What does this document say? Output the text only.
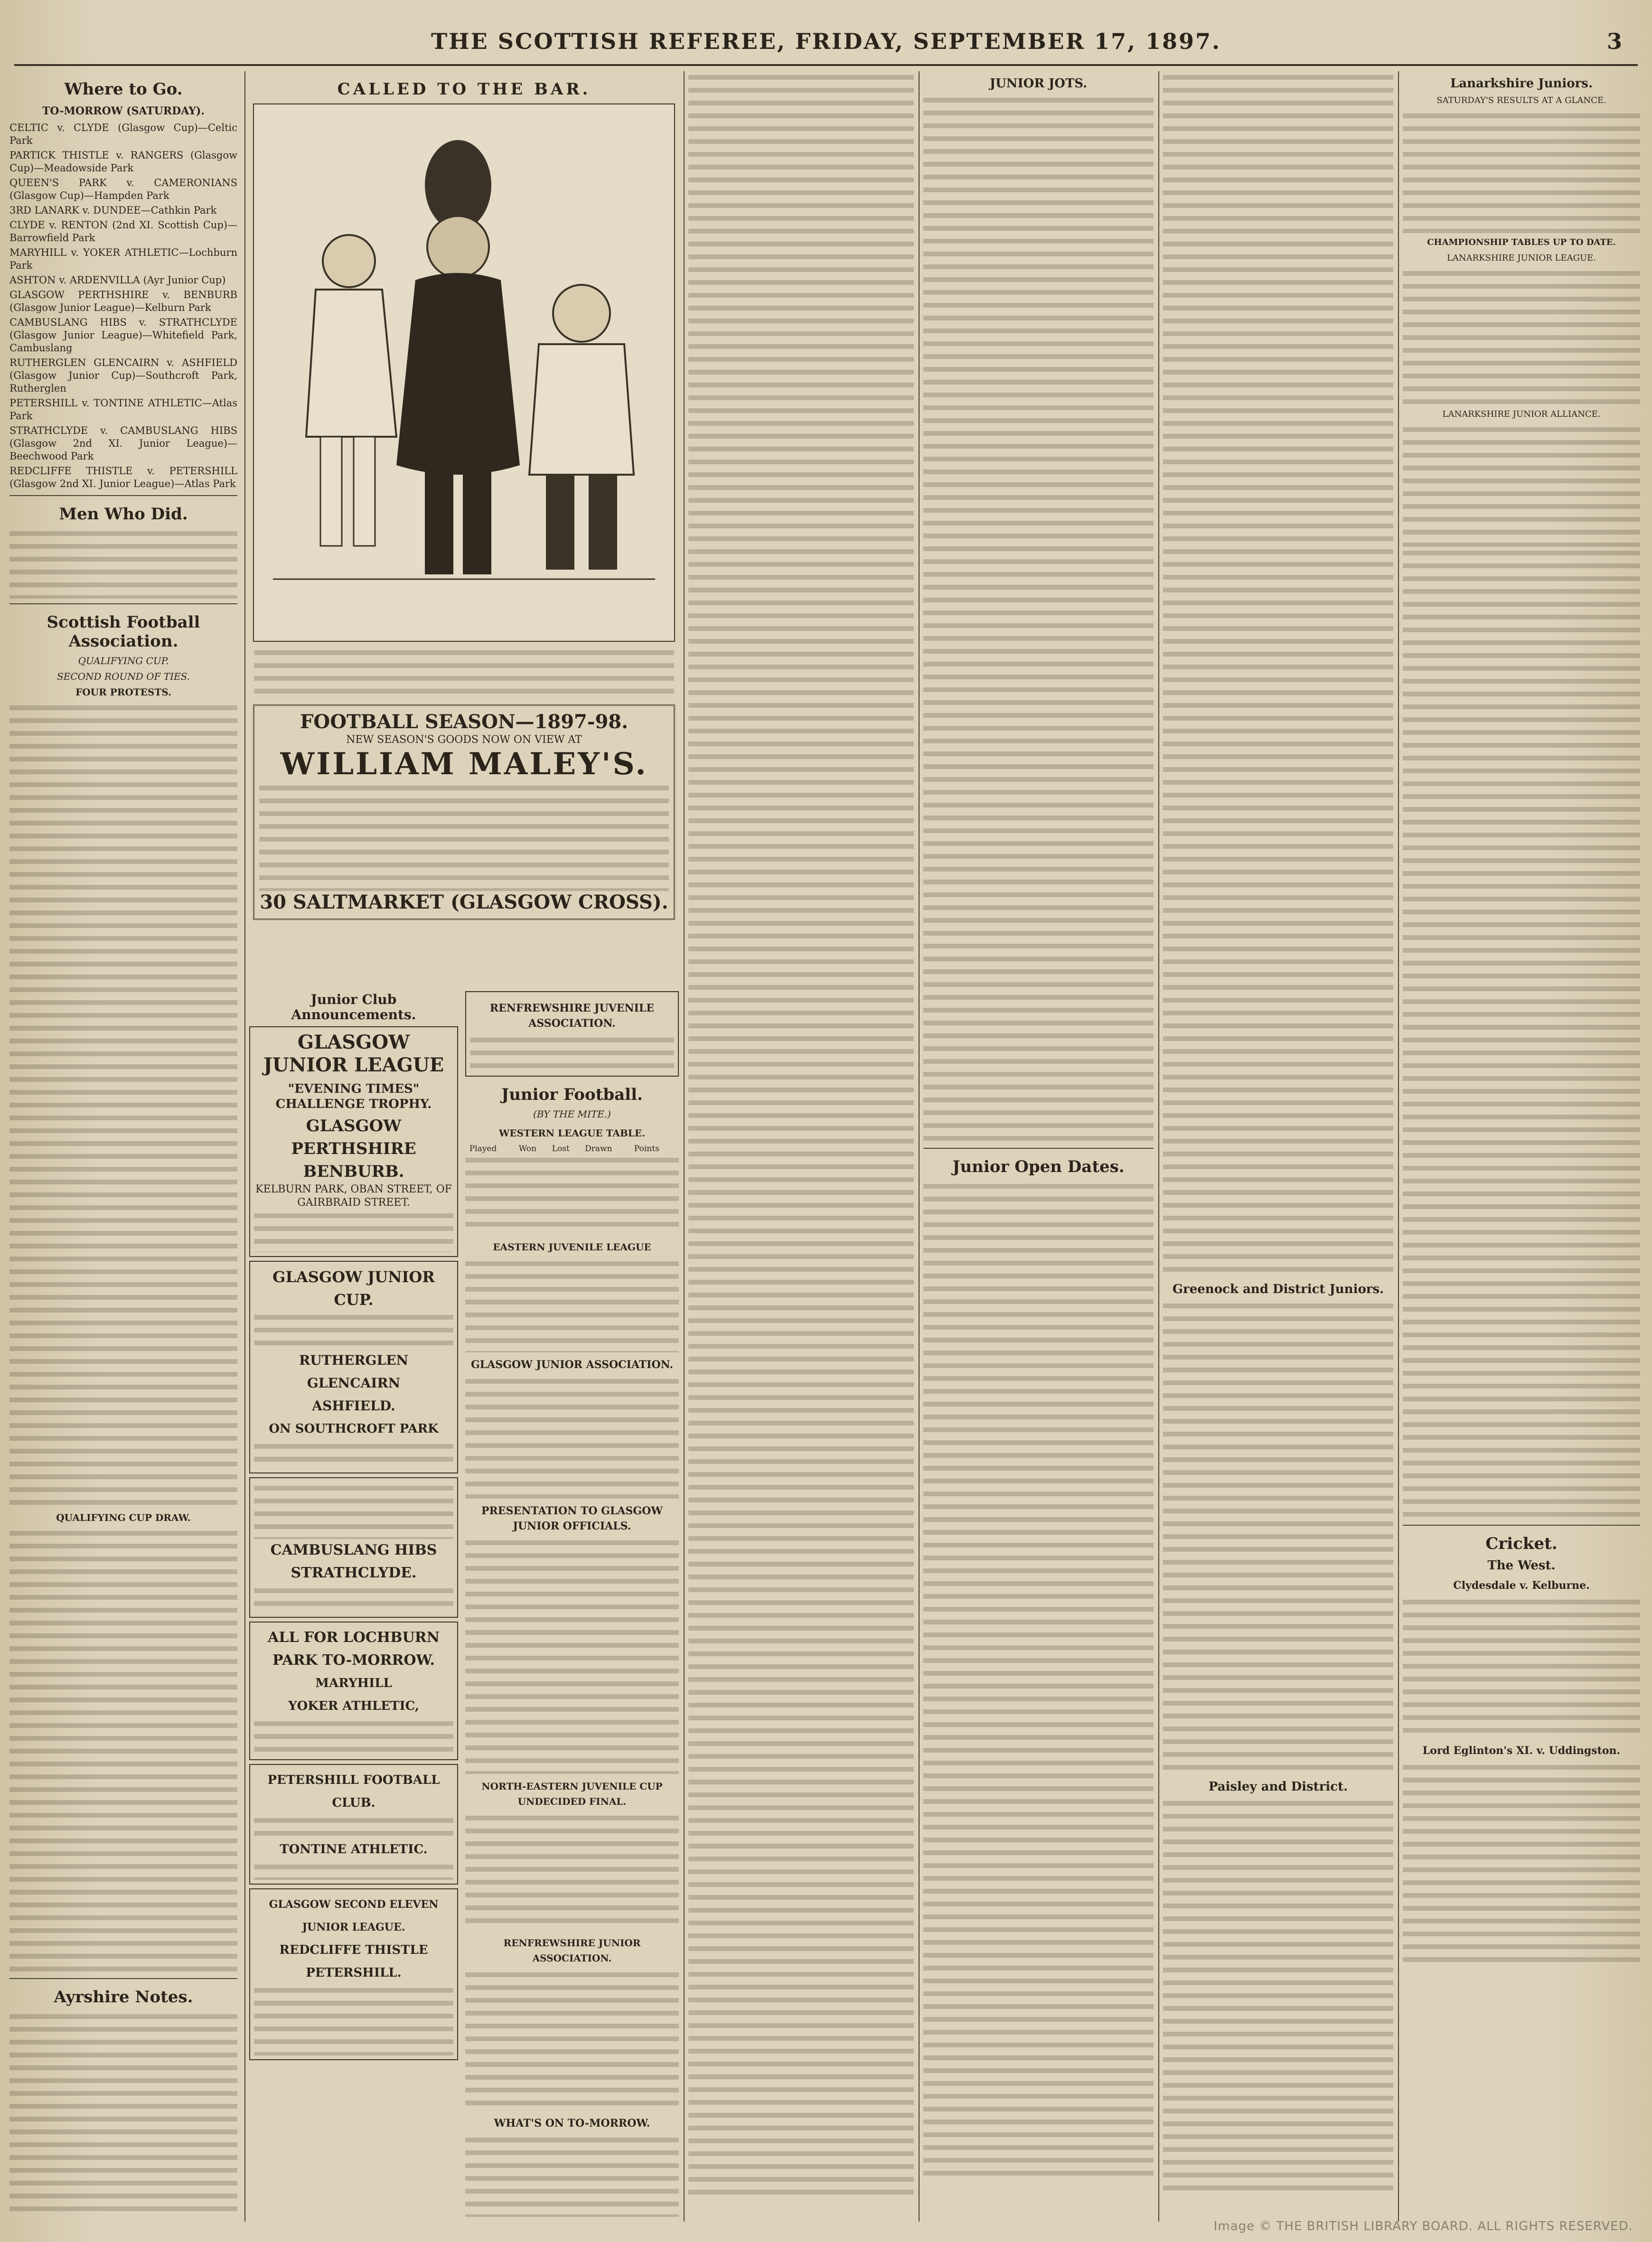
THE SCOTTISH REFEREE, FRIDAY, SEPTEMBER 17, 1897.	3
Where to Go.
TO-MORROW (SATURDAY).
CELTIC v. CLYDE (Glasgow Cup)—Celtic Park
PARTICK THISTLE v. RANGERS (Glasgow Cup)—Meadowside Park
QUEEN'S PARK v. CAMERONIANS (Glasgow Cup)—Hampden Park
3RD LANARK v. DUNDEE—Cathkin Park
CLYDE v. RENTON (2nd XI. Scottish Cup)—Barrowfield Park
MARYHILL v. YOKER ATHLETIC—Lochburn Park
ASHTON v. ARDENVILLA (Ayr Junior Cup)
GLASGOW PERTHSHIRE v. BENBURB (Glasgow Junior League)—Kelburn Park
CAMBUSLANG HIBS v. STRATHCLYDE (Glasgow Junior League)—Whitefield Park, Cambuslang
RUTHERGLEN GLENCAIRN v. ASHFIELD (Glasgow Junior Cup)—Southcroft Park, Rutherglen
PETERSHILL v. TONTINE ATHLETIC—Atlas Park
STRATHCLYDE v. CAMBUSLANG HIBS (Glasgow 2nd XI. Junior League)—Beechwood Park
REDCLIFFE THISTLE v. PETERSHILL (Glasgow 2nd XI. Junior League)—Atlas Park
Men Who Did.
Scottish Football Association.
QUALIFYING CUP.
SECOND ROUND OF TIES.
FOUR PROTESTS.
QUALIFYING CUP DRAW.
Ayrshire Notes.
CALLED TO THE BAR.
FOOTBALL SEASON—1897-98.
NEW SEASON'S GOODS NOW ON VIEW AT
WILLIAM MALEY'S.
30 SALTMARKET (GLASGOW CROSS).
Junior Club Announcements.
GLASGOW JUNIOR LEAGUE
"EVENING TIMES" CHALLENGE TROPHY.
GLASGOW PERTHSHIRE
BENBURB.
KELBURN PARK, OBAN STREET, OF GAIRBRAID STREET.
GLASGOW JUNIOR CUP.
RUTHERGLEN GLENCAIRN
ASHFIELD.
ON SOUTHCROFT PARK
CAMBUSLANG HIBS
STRATHCLYDE.
ALL FOR LOCHBURN PARK TO-MORROW.
MARYHILL
YOKER ATHLETIC,
PETERSHILL FOOTBALL CLUB.
TONTINE ATHLETIC.
GLASGOW SECOND ELEVEN JUNIOR LEAGUE.
REDCLIFFE THISTLE
PETERSHILL.
RENFREWSHIRE JUVENILE ASSOCIATION.
Junior Football.
(BY THE MITE.)
WESTERN LEAGUE TABLE.
	Played	Won	Lost	Drawn	Points
EASTERN JUVENILE LEAGUE
GLASGOW JUNIOR ASSOCIATION.
PRESENTATION TO GLASGOW JUNIOR OFFICIALS.
NORTH-EASTERN JUVENILE CUP UNDECIDED FINAL.
RENFREWSHIRE JUNIOR ASSOCIATION.
WHAT'S ON TO-MORROW.
JUNIOR JOTS.
Junior Open Dates.
Greenock and District Juniors.
Paisley and District.
Lanarkshire Juniors.
SATURDAY'S RESULTS AT A GLANCE.
CHAMPIONSHIP TABLES UP TO DATE.
LANARKSHIRE JUNIOR LEAGUE.
LANARKSHIRE JUNIOR ALLIANCE.
Cricket.
The West.
Clydesdale v. Kelburne.
Lord Eglinton's XI. v. Uddingston.
Image © THE BRITISH LIBRARY BOARD. ALL RIGHTS RESERVED.
